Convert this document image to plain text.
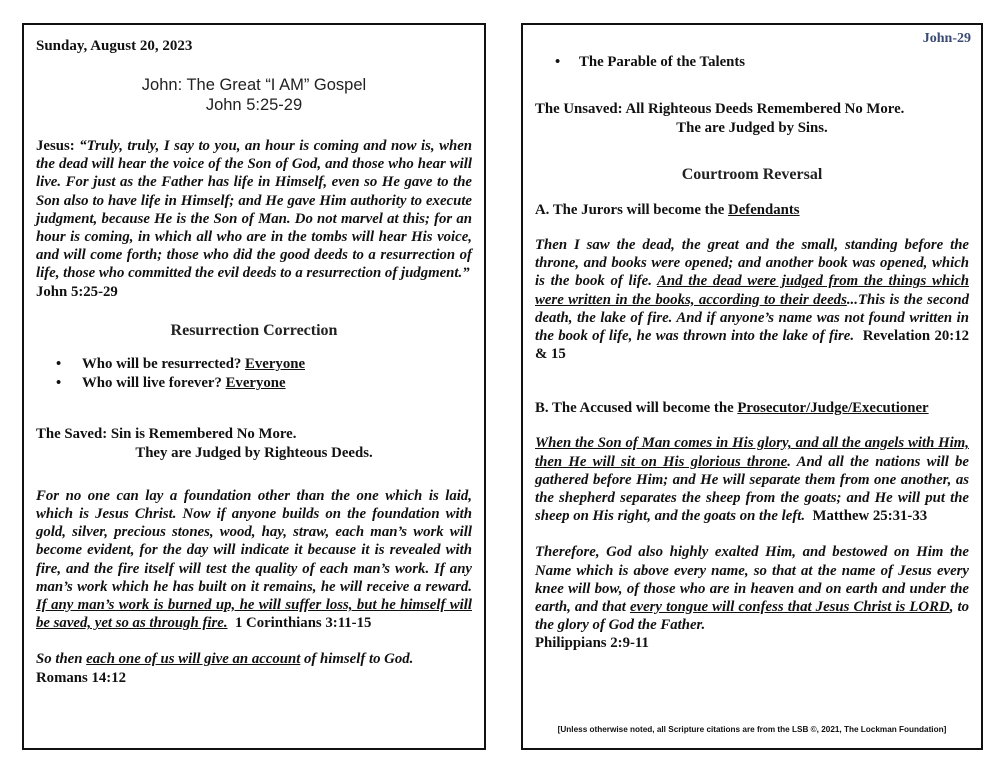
Sunday, August 20, 2023
John: The Great “I AM” Gospel
John 5:25-29

Jesus: “Truly, truly, I say to you, an hour is coming and now is, when the dead will hear the voice of the Son of God, and those who hear will live. For just as the Father has life in Himself, even so He gave to the Son also to have life in Himself; and He gave Him authority to execute judgment, because He is the Son of Man. Do not marvel at this; for an hour is coming, in which all who are in the tombs will hear His voice, and will come forth; those who did the good deeds to a resurrection of life, those who committed the evil deeds to a resurrection of judgment.”

John 5:25-29
Resurrection Correction
• Who will be resurrected? Everyone
• Who will live forever? Everyone
The Saved: Sin is Remembered No More.
They are Judged by Righteous Deeds.

For no one can lay a foundation other than the one which is laid, which is Jesus Christ. Now if anyone builds on the foundation with gold, silver, precious stones, wood, hay, straw, each man’s work will become evident, for the day will indicate it because it is revealed with fire, and the fire itself will test the quality of each man’s work. If any man’s work which he has built on it remains, he will receive a reward. If any man’s work is burned up, he will suffer loss, but he himself will be saved, yet so as through fire. 1 Corinthians 3:11-15

So then each one of us will give an account of himself to God.

Romans 14:12
John-29
• The Parable of the Talents
The Unsaved: All Righteous Deeds Remembered No More.
The are Judged by Sins.
Courtroom Reversal
A. The Jurors will become the Defendants

Then I saw the dead, the great and the small, standing before the throne, and books were opened; and another book was opened, which is the book of life. And the dead were judged from the things which were written in the books, according to their deeds...This is the second death, the lake of fire. And if anyone’s name was not found written in the book of life, he was thrown into the lake of fire. Revelation 20:12 & 15

B. The Accused will become the Prosecutor/Judge/Executioner

When the Son of Man comes in His glory, and all the angels with Him, then He will sit on His glorious throne. And all the nations will be gathered before Him; and He will separate them from one another, as the shepherd separates the sheep from the goats; and He will put the sheep on His right, and the goats on the left. Matthew 25:31-33

Therefore, God also highly exalted Him, and bestowed on Him the Name which is above every name, so that at the name of Jesus every knee will bow, of those who are in heaven and on earth and under the earth, and that every tongue will confess that Jesus Christ is LORD, to the glory of God the Father.

Philippians 2:9-11
[Unless otherwise noted, all Scripture citations are from the LSB ©, 2021, The Lockman Foundation]
